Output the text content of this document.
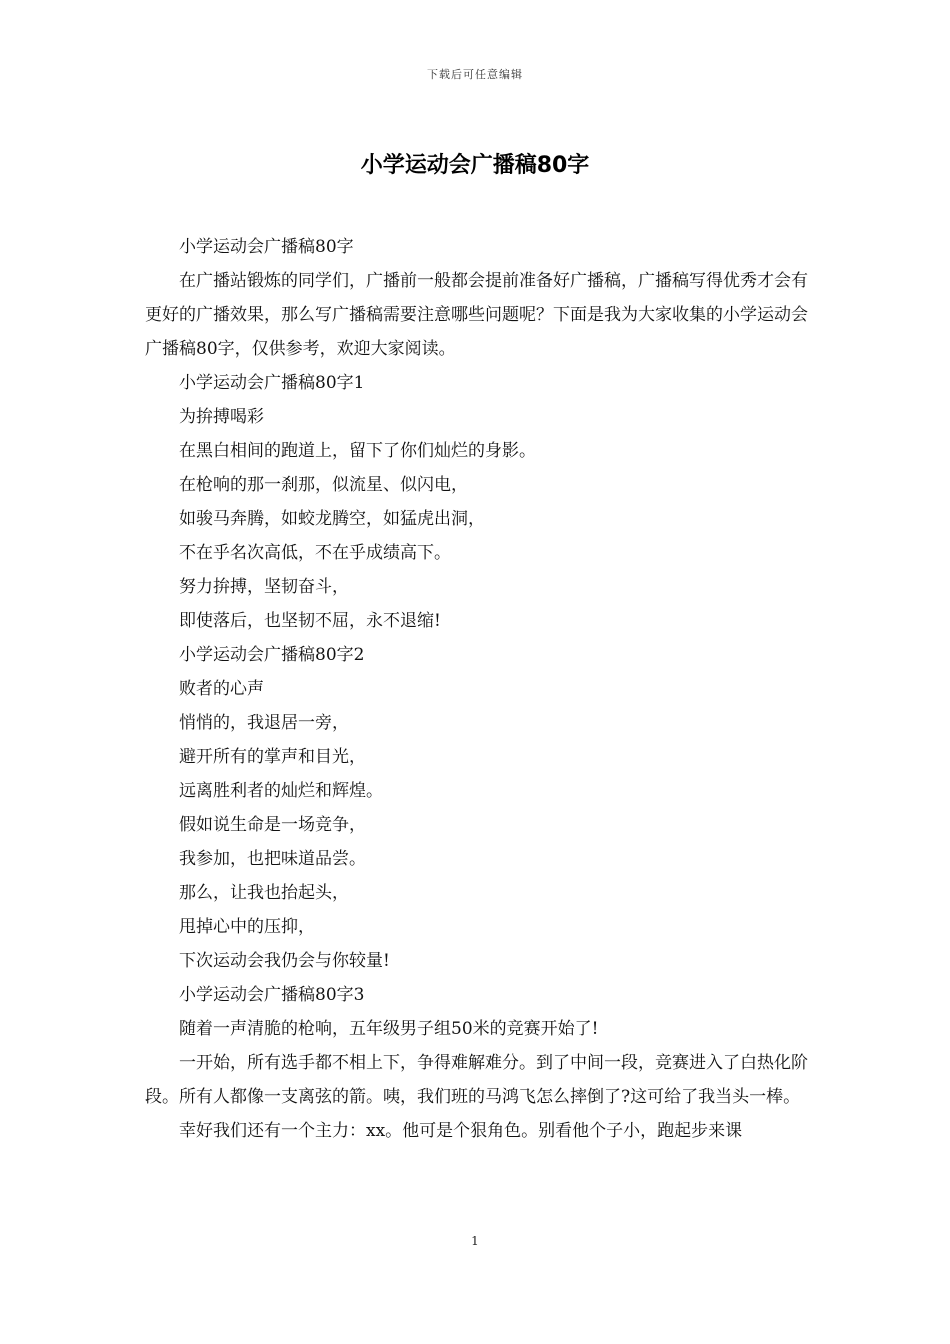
下载后可任意编辑
小学运动会广播稿80字

小学运动会广播稿80字

在广播站锻炼的同学们，广播前一般都会提前准备好广播稿，广播稿写得优秀才会有更好的广播效果，那么写广播稿需要注意哪些问题呢？下面是我为大家收集的小学运动会广播稿80字，仅供参考，欢迎大家阅读。

小学运动会广播稿80字1

为拚搏喝彩

在黑白相间的跑道上，留下了你们灿烂的身影。

在枪响的那一刹那，似流星、似闪电，

如骏马奔腾，如蛟龙腾空，如猛虎出洞，

不在乎名次高低，不在乎成绩高下。

努力拚搏，坚韧奋斗，

即使落后，也坚韧不屈，永不退缩!

小学运动会广播稿80字2

败者的心声

悄悄的，我退居一旁，

避开所有的掌声和目光，

远离胜利者的灿烂和辉煌。

假如说生命是一场竞争，

我参加，也把味道品尝。

那么，让我也抬起头，

甩掉心中的压抑，

下次运动会我仍会与你较量!

小学运动会广播稿80字3

随着一声清脆的枪响，五年级男子组50米的竞赛开始了!

一开始，所有选手都不相上下，争得难解难分。到了中间一段，竞赛进入了白热化阶段。所有人都像一支离弦的箭。咦，我们班的马鸿飞怎么摔倒了?这可给了我当头一棒。

幸好我们还有一个主力：xx。他可是个狠角色。别看他个子小，跑起步来课

1
